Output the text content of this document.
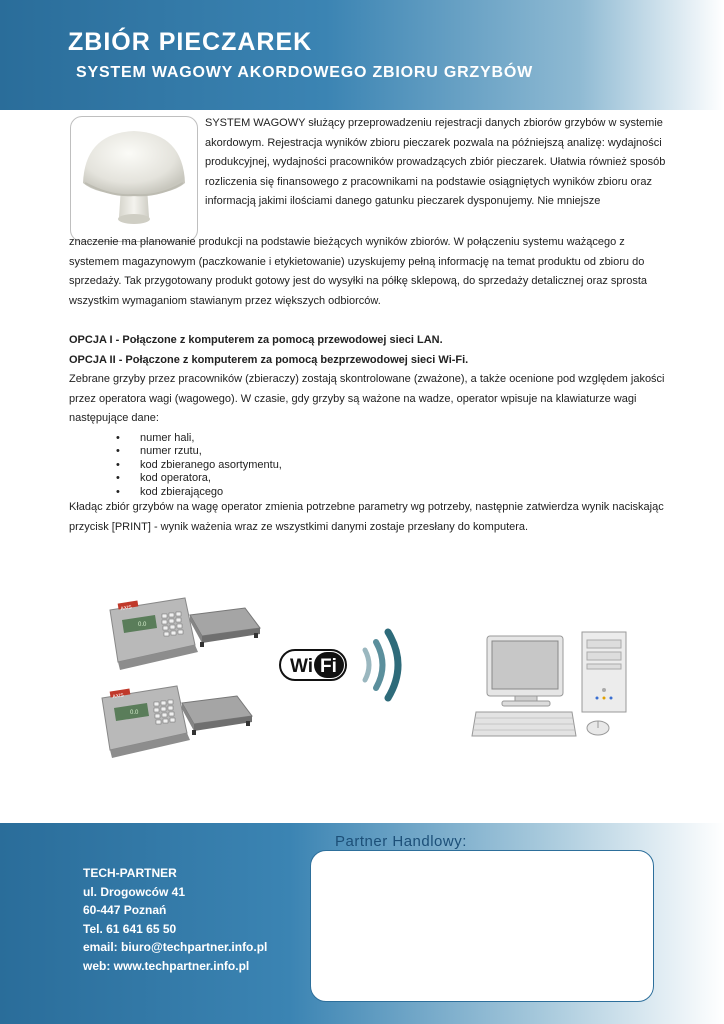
ZBIÓR PIECZAREK
SYSTEM WAGOWY AKORDOWEGO ZBIORU GRZYBÓW

SYSTEM WAGOWY służący przeprowadzeniu rejestracji danych zbiorów grzybów w systemie akordowym. Rejestracja wyników zbioru pieczarek pozwala na późniejszą analizę: wydajności produkcyjnej, wydajności pracowników prowadzących zbiór pieczarek. Ułatwia również sposób rozliczenia się finansowego z pracownikami na podstawie osiągniętych wyników zbioru oraz informacją jakimi ilościami danego gatunku pieczarek dysponujemy. Nie mniejsze

znaczenie ma planowanie produkcji na podstawie bieżących wyników zbiorów. W połączeniu systemu ważącego z systemem magazynowym (paczkowanie i etykietowanie) uzyskujemy pełną informację na temat produktu od zbioru do sprzedaży. Tak przygotowany produkt gotowy jest do wysyłki na półkę sklepową, do sprzedaży detalicznej oraz sprosta wszystkim wymaganiom stawianym przez większych odbiorców.

OPCJA I - Połączone z komputerem za pomocą przewodowej sieci LAN.

OPCJA II - Połączone z komputerem za pomocą bezprzewodowej sieci Wi-Fi.

Zebrane grzyby przez pracowników (zbieraczy) zostają skontrolowane (zważone), a także ocenione pod względem jakości przez operatora wagi (wagowego). W czasie, gdy grzyby są ważone na wadze, operator wpisuje na klawiaturze wagi następujące dane:

• numer hali,
• numer rzutu,
• kod zbieranego asortymentu,
• kod operatora,
• kod zbierającego

Kładąc zbiór grzybów na wagę operator zmienia potrzebne parametry wg potrzeby, następnie zatwierdza wynik naciskając przycisk [PRINT] - wynik ważenia wraz ze wszystkimi danymi zostaje przesłany do komputera.

AXIS
0.0
AXIS
0.0
Wi Fi

TECH-PARTNER
ul. Drogowców 41
60-447 Poznań
Tel. 61 641 65 50
email: biuro@techpartner.info.pl
web: www.techpartner.info.pl

Partner Handlowy:
